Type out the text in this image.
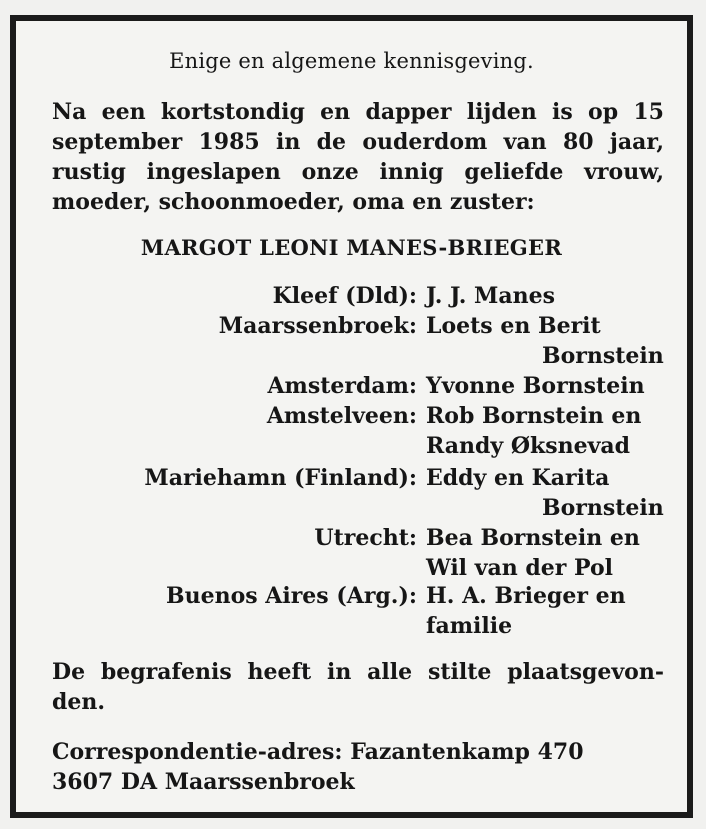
Enige en algemene kennisgeving.
Na een kortstondig en dapper lijden is op 15
september 1985 in de ouderdom van 80 jaar,
rustig ingeslapen onze innig geliefde vrouw,
moeder, schoonmoeder, oma en zuster:
MARGOT LEONI MANES-BRIEGER
Kleef (Dld): J. J. Manes
Maarssenbroek: Loets en Berit
Bornstein
Amsterdam: Yvonne Bornstein
Amstelveen: Rob Bornstein en
Randy Øksnevad
Mariehamn (Finland): Eddy en Karita
Bornstein
Utrecht: Bea Bornstein en
Wil van der Pol
Buenos Aires (Arg.): H. A. Brieger en
familie
De begrafenis heeft in alle stilte plaatsgevon-
den.
Correspondentie-adres: Fazantenkamp 470
3607 DA Maarssenbroek
